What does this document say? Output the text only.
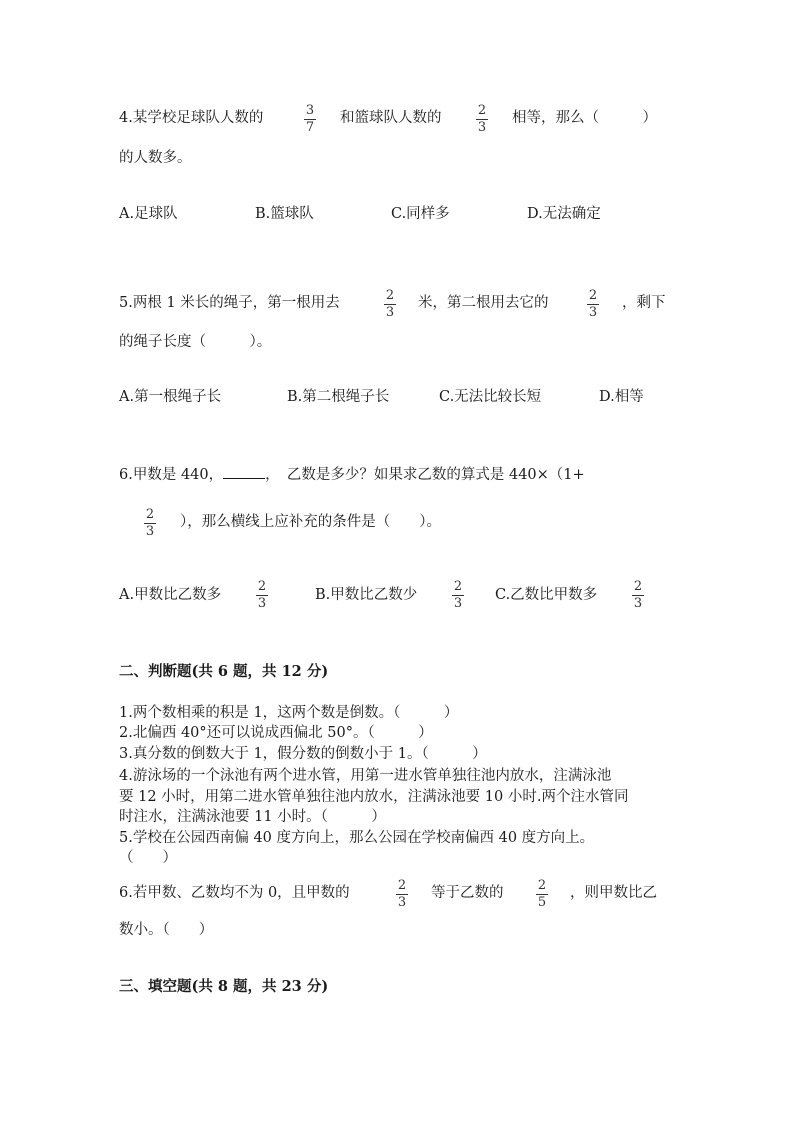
4.某学校足球队人数的	3
7
和篮球队人数的	2
3
相等，那么（　　　）
的人数多。
A.足球队	B.篮球队	C.同样多	D.无法确定
5.两根 1 米长的绳子，第一根用去	2
3
米，第二根用去它的	2
3
，剩下
的绳子长度（　　　）。
A.第一根绳子长	B.第二根绳子长	C.无法比较长短	D.相等
6.甲数是 440，	，　乙数是多少？如果求乙数的算式是 440×（1+
2
3
），那么横线上应补充的条件是（　　）。
A.甲数比乙数多
2
3
B.甲数比乙数少
2
3
C.乙数比甲数多
2
3
二、判断题(共 6 题，共 12 分)
1.两个数相乘的积是 1，这两个数是倒数。（　　　）
2.北偏西 40°还可以说成西偏北 50°。（　　　）
3.真分数的倒数大于 1，假分数的倒数小于 1。（　　　）
4.游泳场的一个泳池有两个进水管，用第一进水管单独往池内放水，注满泳池
要 12 小时，用第二进水管单独往池内放水，注满泳池要 10 小时.两个注水管同
时注水，注满泳池要 11 小时。（　　　）
5.学校在公园西南偏 40 度方向上，那么公园在学校南偏西 40 度方向上。
（　　）
6.若甲数、乙数均不为 0，且甲数的	2
3
等于乙数的	2
5
，则甲数比乙
数小。（　　）
三、填空题(共 8 题，共 23 分)
